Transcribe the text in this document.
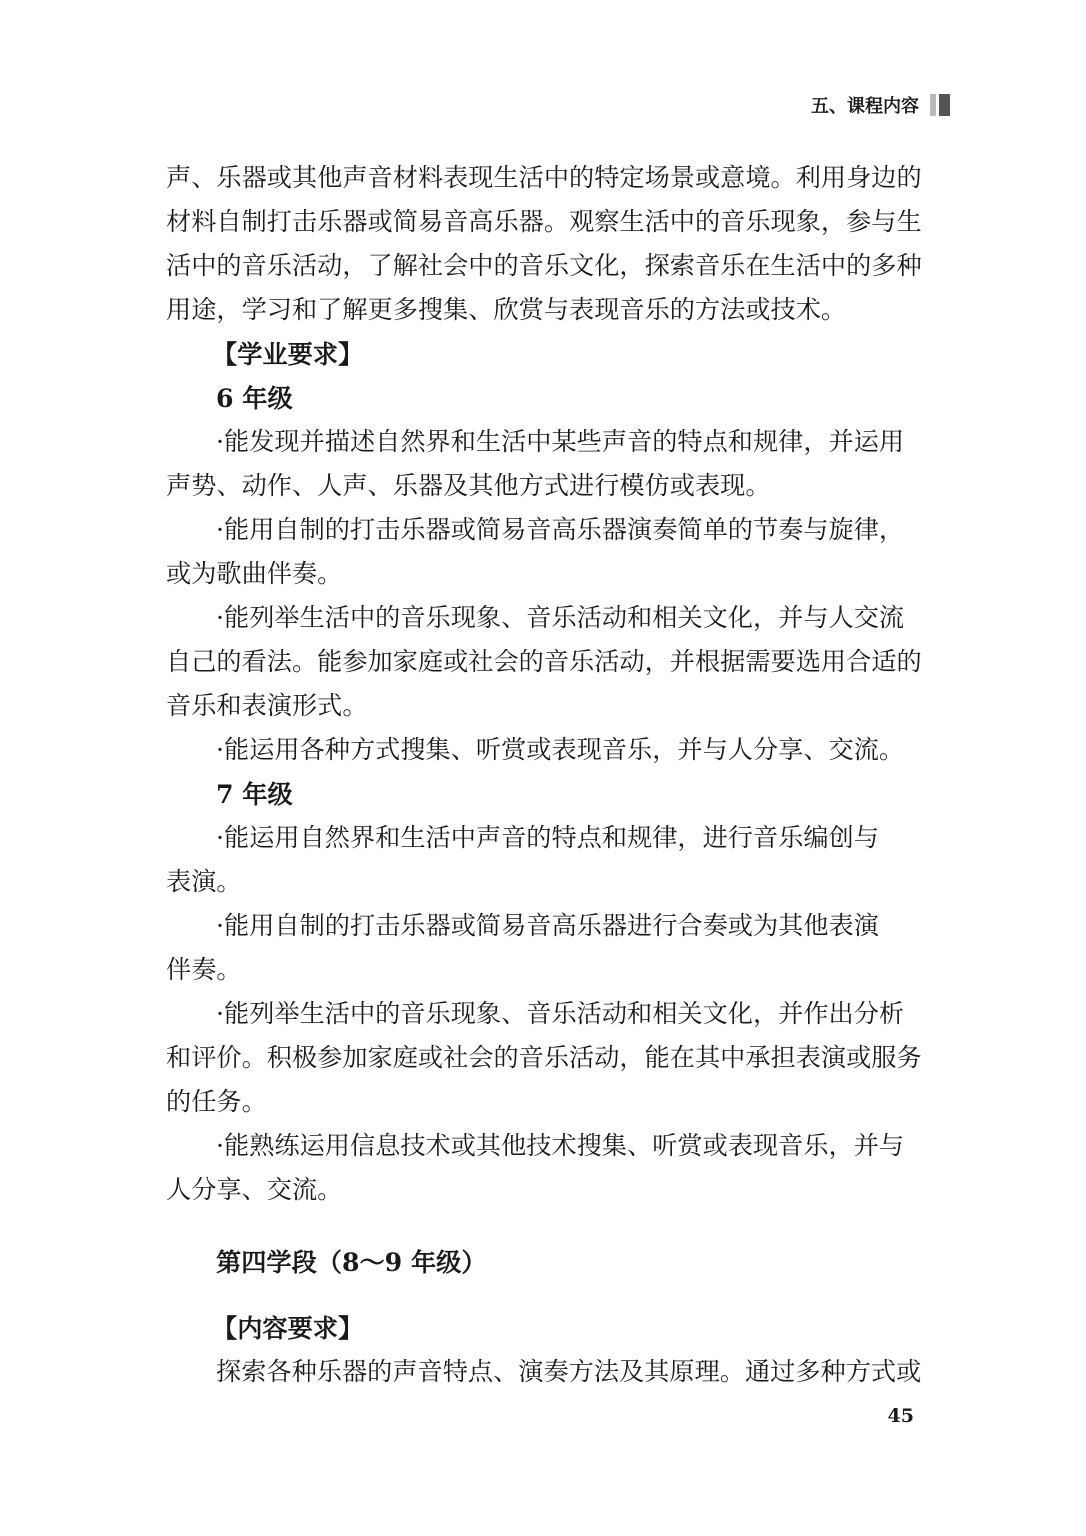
五、课程内容

声、乐器或其他声音材料表现生活中的特定场景或意境。利用身边的

材料自制打击乐器或简易音高乐器。观察生活中的音乐现象，参与生

活中的音乐活动，了解社会中的音乐文化，探索音乐在生活中的多种

用途，学习和了解更多搜集、欣赏与表现音乐的方法或技术。

【学业要求】

6 年级

·能发现并描述自然界和生活中某些声音的特点和规律，并运用

声势、动作、人声、乐器及其他方式进行模仿或表现。

·能用自制的打击乐器或简易音高乐器演奏简单的节奏与旋律，

或为歌曲伴奏。

·能列举生活中的音乐现象、音乐活动和相关文化，并与人交流

自己的看法。能参加家庭或社会的音乐活动，并根据需要选用合适的

音乐和表演形式。

·能运用各种方式搜集、听赏或表现音乐，并与人分享、交流。

7 年级

·能运用自然界和生活中声音的特点和规律，进行音乐编创与

表演。

·能用自制的打击乐器或简易音高乐器进行合奏或为其他表演

伴奏。

·能列举生活中的音乐现象、音乐活动和相关文化，并作出分析

和评价。积极参加家庭或社会的音乐活动，能在其中承担表演或服务

的任务。

·能熟练运用信息技术或其他技术搜集、听赏或表现音乐，并与

人分享、交流。

第四学段（8～9 年级）

【内容要求】

探索各种乐器的声音特点、演奏方法及其原理。通过多种方式或

45
